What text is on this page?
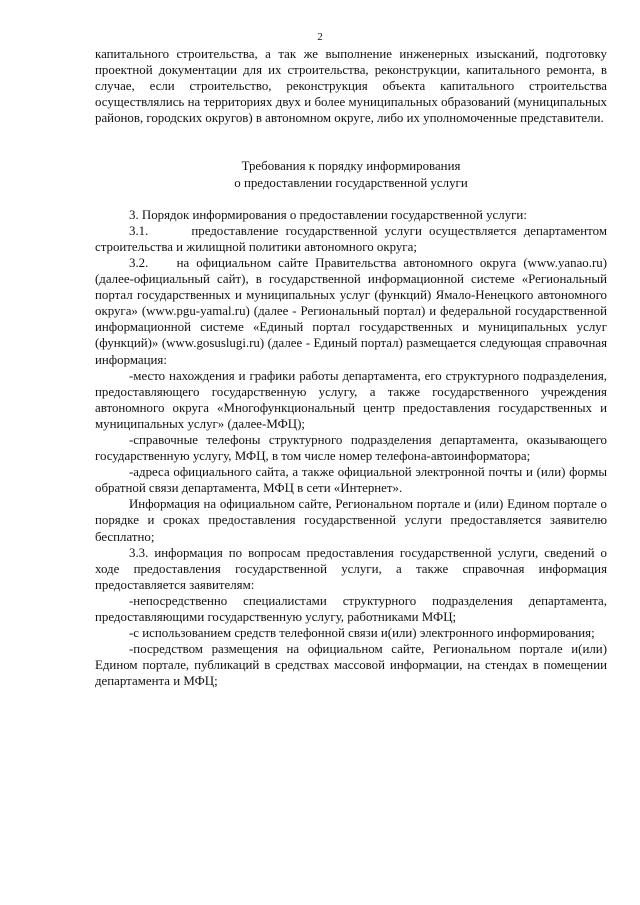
2

капитального строительства, а так же выполнение инженерных изысканий, подготовку проектной документации для их строительства, реконструкции, капитального ремонта, в случае, если строительство, реконструкция объекта капитального строительства осуществлялись на территориях двух и более муниципальных образований (муниципальных районов, городских округов) в автономном округе, либо их уполномоченные представители.

Требования к порядку информирования

о предоставлении государственной услуги

3. Порядок информирования о предоставлении государственной услуги:

3.1.      предоставление государственной услуги осуществляется департаментом строительства и жилищной политики автономного округа;

3.2.    на официальном сайте Правительства автономного округа (www.yanao.ru) (далее-официальный сайт), в государственной информационной системе «Региональный портал государственных и муниципальных услуг (функций) Ямало-Ненецкого автономного округа» (www.pgu-yamal.ru) (далее - Региональный портал) и федеральной государственной информационной системе «Единый портал государственных и муниципальных услуг (функций)» (www.gosuslugi.ru) (далее - Единый портал) размещается следующая справочная информация:

-место нахождения и графики работы департамента, его структурного подразделения, предоставляющего государственную услугу, а также государственного учреждения автономного округа «Многофункциональный центр предоставления государственных и муниципальных услуг» (далее-МФЦ);

-справочные телефоны структурного подразделения департамента, оказывающего государственную услугу, МФЦ, в том числе номер телефона-автоинформатора;

-адреса официального сайта, а также официальной электронной почты и (или) формы обратной связи департамента, МФЦ в сети «Интернет».

Информация на официальном сайте, Региональном портале и (или) Едином портале о порядке и сроках предоставления государственной услуги предоставляется заявителю бесплатно;

3.3. информация по вопросам предоставления государственной услуги, сведений о ходе предоставления государственной услуги, а также справочная информация предоставляется заявителям:

-непосредственно специалистами структурного подразделения департамента, предоставляющими государственную услугу, работниками МФЦ;

-с использованием средств телефонной связи и(или) электронного информирования;

-посредством размещения на официальном сайте, Региональном портале и(или) Едином портале, публикаций в средствах массовой информации, на стендах в помещении департамента и МФЦ;
